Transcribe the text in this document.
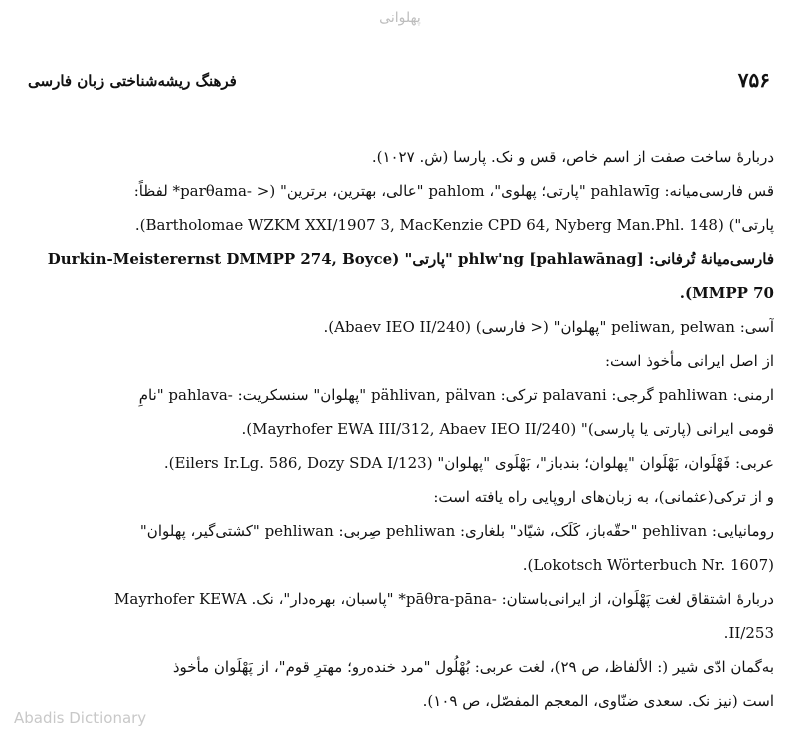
پهلوانی
۷۵۶
فرهنگ ریشه‌شناختی زبان فارسی
دربارهٔ ساخت صفت از اسم خاص، قس و نک. پارسا (ش. ۱۰۲۷).
قس فارسی‌میانه: pahlawīg "پارتی؛ پهلوی"، pahlom "عالی، بهترین، برترین" (< -parθama* لفظاً:
پارتی") (Bartholomae WZKM XXI/1907 3, MacKenzie CPD 64, Nyberg Man.Phl. 148).
فارسی‌میانهٔ تُرفانی: [pahlawānag] phlw'ng "پارتی" (Durkin-Meisterernst DMMPP 274, Boyce
MMPP 70).
آسی: peliwan, pelwan "پهلوان" (< فارسی) (Abaev IEO II/240).
از اصل ایرانی مأخوذ است:
ارمنی: pahliwan گرجی: palavani ترکی: pählivan, pälvan "پهلوان" سنسکریت: -pahlava "نامِ
قومی ایرانی (پارتی یا پارسی)" (Mayrhofer EWA III/312, Abaev IEO II/240).
عربی: فَهْلَوان، بَهْلَوان "پهلوان؛ بندباز"، بَهْلَوی "پهلوان" (Eilers Ir.Lg. 586, Dozy SDA I/123).
و از ترکی(عثمانی)، به زبان‌های اروپایی راه یافته است:
رومانیایی: pehlivan "حقّه‌باز، کَلَک، شیّاد" بلغاری: pehliwan صِربی: pehliwan "کشتی‌گیر، پهلوان"
(Lokotsch Wörterbuch Nr. 1607).
دربارهٔ اشتقاق لغت پَهْلَوان، از ایرانی‌باستان: -pāθra-pāna* "پاسبان، بهره‌دار"، نک. Mayrhofer KEWA
II/253.
به‌گمان ادّی شیر (: الألفاظ، ص ۲۹)، لغت عربی: بُهْلُول "مرد خنده‌رو؛ مهترِ قوم"، از پَهْلَوان مأخوذ
است (نیز نک. سعدی ضنّاوی، المعجم المفصّل، ص ۱۰۹).
Abadis Dictionary
